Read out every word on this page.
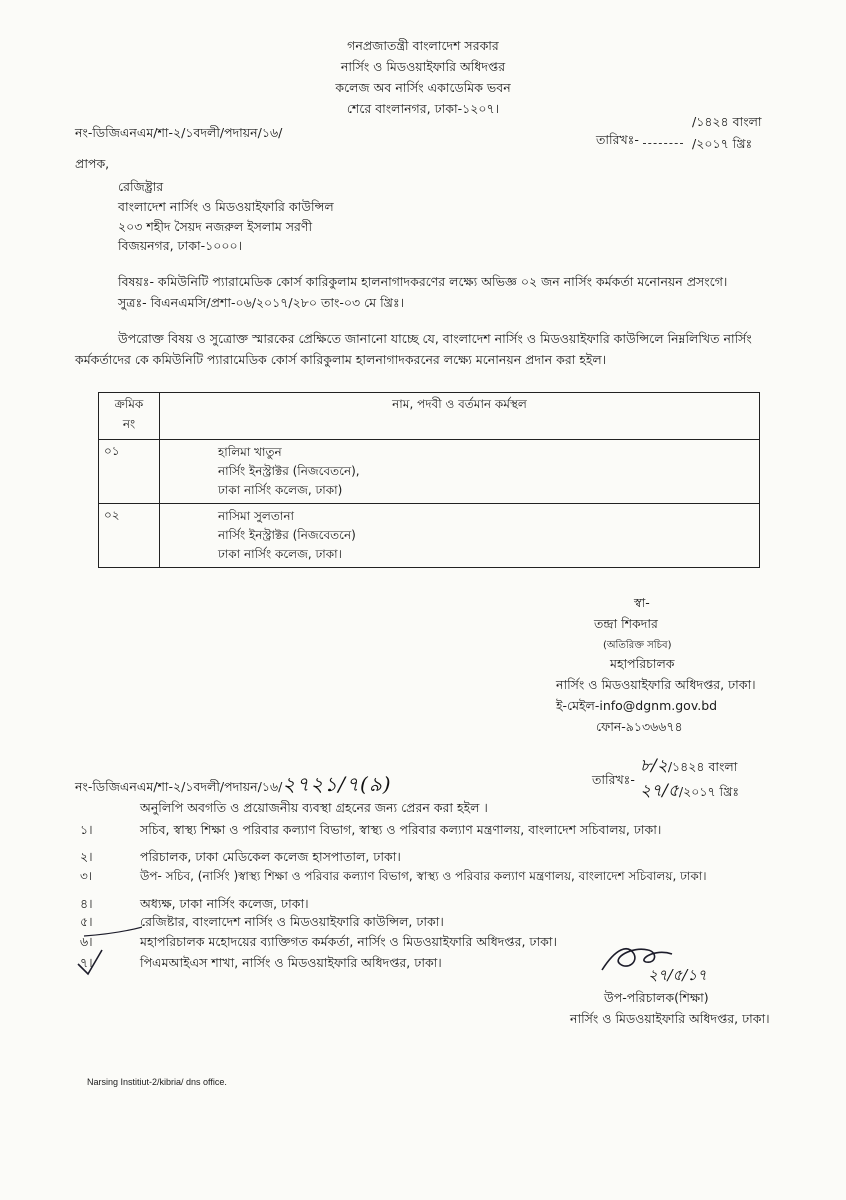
গনপ্রজাতন্ত্রী বাংলাদেশ সরকার
নার্সিং ও মিডওয়াইফারি অধিদপ্তর
কলেজ অব নার্সিং একাডেমিক ভবন
শেরে বাংলানগর, ঢাকা-১২০৭।
নং-ডিজিএনএম/শা-২/১বদলী/পদায়ন/১৬/	তারিখঃ-
/১৪২৪ বাংলা
/২০১৭ খ্রিঃ
প্রাপক,
রেজিষ্ট্রার
বাংলাদেশ নার্সিং ও মিডওয়াইফারি কাউন্সিল
২০৩ শহীদ সৈয়দ নজরুল ইসলাম সরণী
বিজয়নগর, ঢাকা-১০০০।
বিষয়ঃ- কমিউনিটি প্যারামেডিক কোর্স কারিকুলাম হালনাগাদকরণের লক্ষ্যে অভিজ্ঞ ০২ জন নার্সিং কর্মকর্তা মনোনয়ন প্রসংগে।
সুত্রঃ- বিএনএমসি/প্রশা-০৬/২০১৭/২৮০ তাং-০৩ মে খ্রিঃ।
উপরোক্ত বিষয় ও সুত্রোক্ত স্মারকের প্রেক্ষিতে জানানো যাচ্ছে যে, বাংলাদেশ নার্সিং ও মিডওয়াইফারি কাউন্সিলে নিম্নলিখিত নার্সিং
কর্মকর্তাদের কে কমিউনিটি প্যারামেডিক কোর্স কারিকুলাম হালনাগাদকরনের লক্ষ্যে মনোনয়ন প্রদান করা হইল।
ক্রমিক
নং	নাম, পদবী ও বর্তমান কর্মস্থল
০১	হালিমা খাতুন
নার্সিং ইনস্ট্রাক্টর (নিজবেতনে),
ঢাকা নার্সিং কলেজ, ঢাকা)

০২	নাসিমা সুলতানা
নার্সিং ইনস্ট্রাক্টর (নিজবেতনে)
ঢাকা নার্সিং কলেজ, ঢাকা।
স্বা-
তন্দ্রা শিকদার
(অতিরিক্ত সচিব)
মহাপরিচালক
নার্সিং ও মিডওয়াইফারি অধিদপ্তর, ঢাকা।
ই-মেইল-info@dgnm.gov.bd
ফোন-৯১৩৬৬৭৪
নং-ডিজিএনএম/শা-২/১বদলী/পদায়ন/১৬/২৭২১/৭(৯)	তারিখঃ-
৮/২/১৪২৪ বাংলা
২৭/৫/২০১৭ খ্রিঃ
অনুলিপি অবগতি ও প্রয়োজনীয় ব্যবস্থা গ্রহনের জন্য প্রেরন করা হইল ।
১।	সচিব, স্বাস্থ্য শিক্ষা ও পরিবার কল্যাণ বিভাগ, স্বাস্থ্য ও পরিবার কল্যাণ মন্ত্রণালয়, বাংলাদেশ সচিবালয়, ঢাকা।
২।	পরিচালক, ঢাকা মেডিকেল কলেজ হাসপাতাল, ঢাকা।
৩।	উপ- সচিব, (নার্সিং )স্বাস্থ্য শিক্ষা ও পরিবার কল্যাণ বিভাগ, স্বাস্থ্য ও পরিবার কল্যাণ মন্ত্রণালয়, বাংলাদেশ সচিবালয়, ঢাকা।
৪।	অধ্যক্ষ, ঢাকা নার্সিং কলেজ, ঢাকা।
৫।	রেজিষ্টার, বাংলাদেশ নার্সিং ও মিডওয়াইফারি কাউন্সিল, ঢাকা।
৬।	মহাপরিচালক মহোদয়ের ব্যাক্তিগত কর্মকর্তা, নার্সিং ও মিডওয়াইফারি অধিদপ্তর, ঢাকা।
৭।	পিএমআইএস শাখা, নার্সিং ও মিডওয়াইফারি অধিদপ্তর, ঢাকা।
২৭/৫/১৭
উপ-পরিচালক(শিক্ষা)
নার্সিং ও মিডওয়াইফারি অধিদপ্তর, ঢাকা।
Narsing Institiut-2/kibria/ dns office.
